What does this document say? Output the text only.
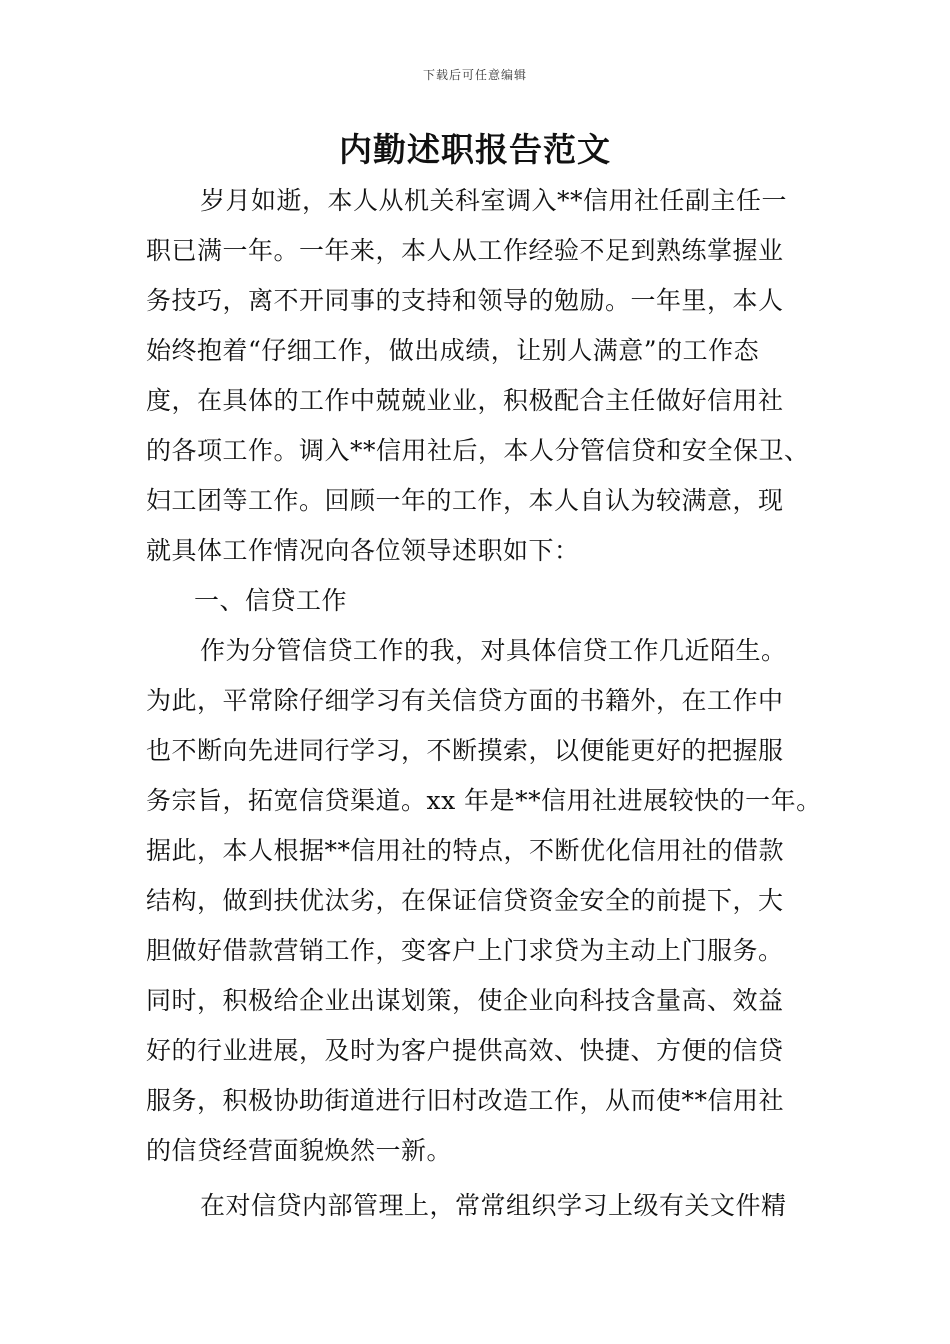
下载后可任意编辑
内勤述职报告范文
岁月如逝，本人从机关科室调入**信用社任副主任一
职已满一年。一年来，本人从工作经验不足到熟练掌握业
务技巧，离不开同事的支持和领导的勉励。一年里，本人
始终抱着“仔细工作，做出成绩，让别人满意”的工作态
度，在具体的工作中兢兢业业，积极配合主任做好信用社
的各项工作。调入**信用社后，本人分管信贷和安全保卫、
妇工团等工作。回顾一年的工作，本人自认为较满意，现
就具体工作情况向各位领导述职如下：
一、信贷工作
作为分管信贷工作的我，对具体信贷工作几近陌生。
为此，平常除仔细学习有关信贷方面的书籍外，在工作中
也不断向先进同行学习，不断摸索，以便能更好的把握服
务宗旨，拓宽信贷渠道。xx 年是**信用社进展较快的一年。
据此，本人根据**信用社的特点，不断优化信用社的借款
结构，做到扶优汰劣，在保证信贷资金安全的前提下，大
胆做好借款营销工作，变客户上门求贷为主动上门服务。
同时，积极给企业出谋划策，使企业向科技含量高、效益
好的行业进展，及时为客户提供高效、快捷、方便的信贷
服务，积极协助街道进行旧村改造工作，从而使**信用社
的信贷经营面貌焕然一新。
在对信贷内部管理上，常常组织学习上级有关文件精
